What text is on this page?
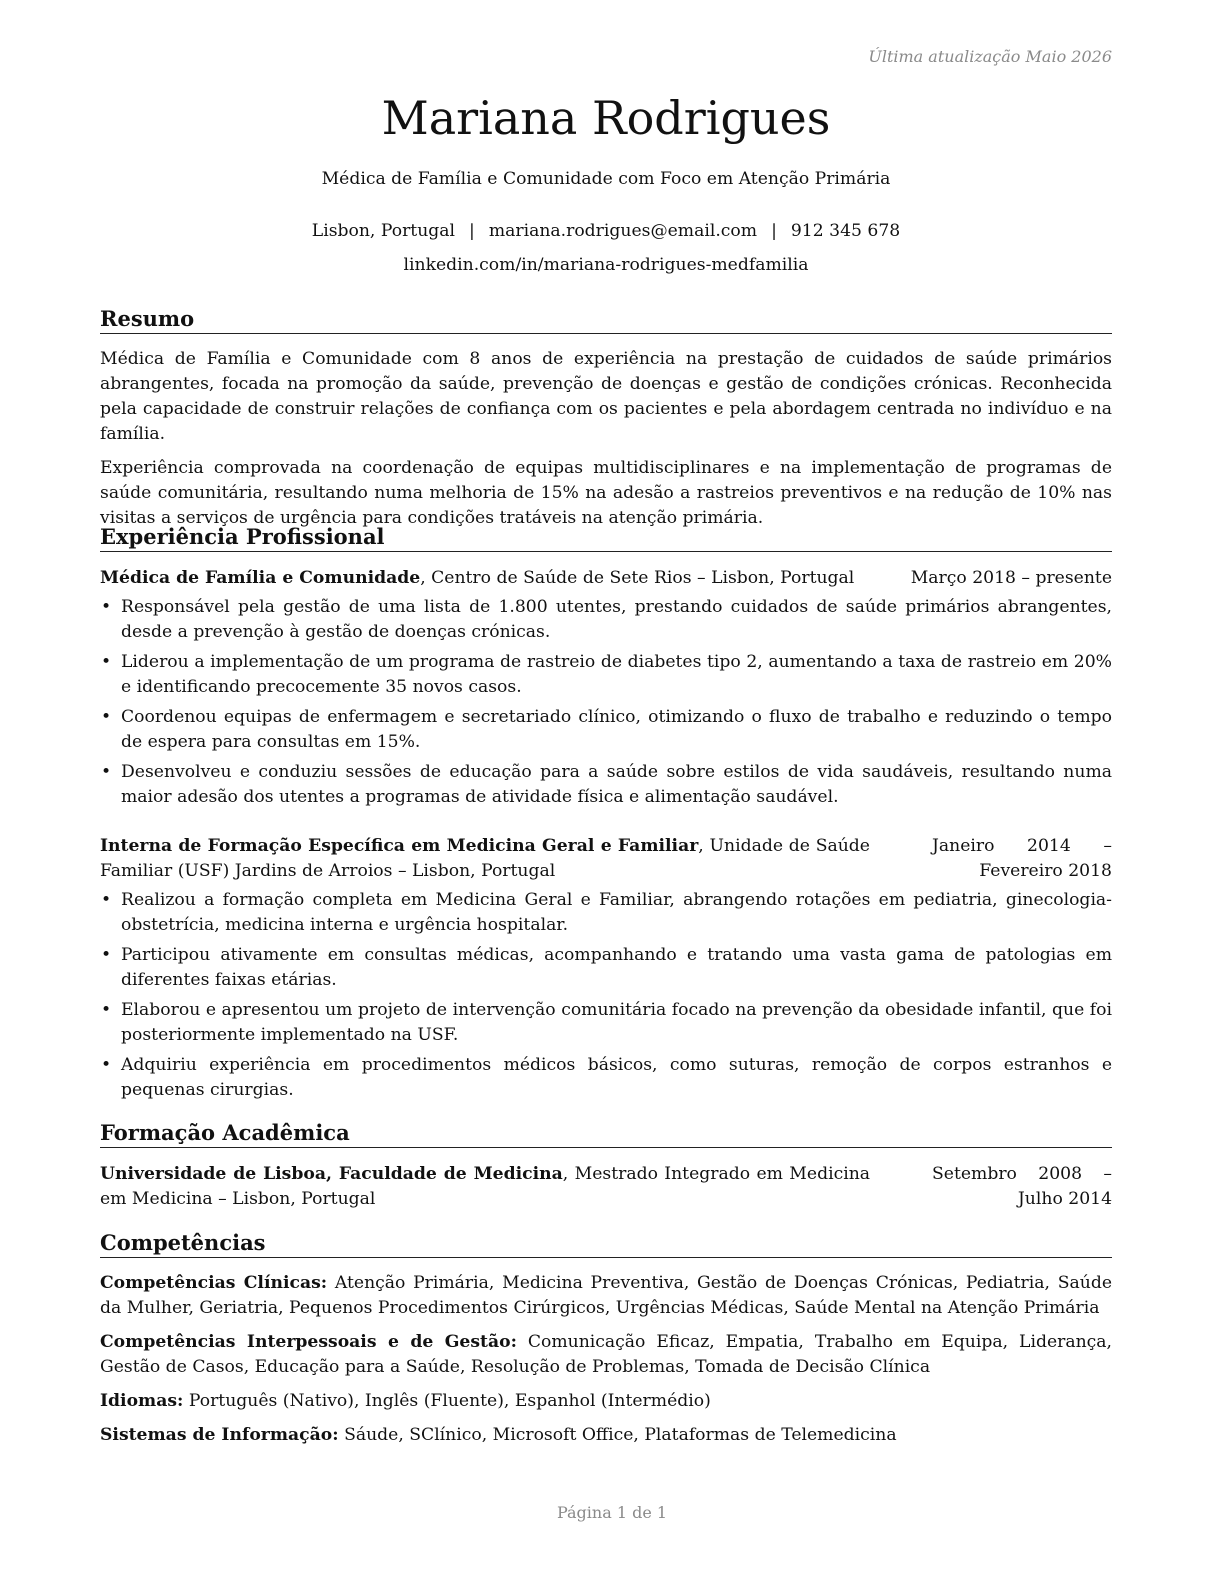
Última atualização Maio 2026
Mariana Rodrigues
Médica de Família e Comunidade com Foco em Atenção Primária
Lisbon, Portugal | mariana.rodrigues@email.com | 912 345 678
linkedin.com/in/mariana-rodrigues-medfamilia
Resumo

Médica de Família e Comunidade com 8 anos de experiência na prestação de cuidados de saúde primários abrangentes, focada na promoção da saúde, prevenção de doenças e gestão de condições crónicas. Reconhecida pela capacidade de construir relações de confiança com os pacientes e pela abordagem centrada no indivíduo e na família.

Experiência comprovada na coordenação de equipas multidisciplinares e na implementação de programas de saúde comunitária, resultando numa melhoria de 15% na adesão a rastreios preventivos e na redução de 10% nas visitas a serviços de urgência para condições tratáveis na atenção primária.

Experiência Profissional
Médica de Família e Comunidade, Centro de Saúde de Sete Rios – Lisbon, Portugal	Março 2018 – presente
• Responsável pela gestão de uma lista de 1.800 utentes, prestando cuidados de saúde primários abrangentes, desde a prevenção à gestão de doenças crónicas.
• Liderou a implementação de um programa de rastreio de diabetes tipo 2, aumentando a taxa de rastreio em 20% e identificando precocemente 35 novos casos.
• Coordenou equipas de enfermagem e secretariado clínico, otimizando o fluxo de trabalho e reduzindo o tempo de espera para consultas em 15%.
• Desenvolveu e conduziu sessões de educação para a saúde sobre estilos de vida saudáveis, resultando numa maior adesão dos utentes a programas de atividade física e alimentação saudável.
Interna de Formação Específica em Medicina Geral e Familiar, Unidade de Saúde Familiar (USF) Jardins de Arroios – Lisbon, Portugal
Janeiro 2014 – Fevereiro 2018
• Realizou a formação completa em Medicina Geral e Familiar, abrangendo rotações em pediatria, ginecologia-obstetrícia, medicina interna e urgência hospitalar.
• Participou ativamente em consultas médicas, acompanhando e tratando uma vasta gama de patologias em diferentes faixas etárias.
• Elaborou e apresentou um projeto de intervenção comunitária focado na prevenção da obesidade infantil, que foi posteriormente implementado na USF.
• Adquiriu experiência em procedimentos médicos básicos, como suturas, remoção de corpos estranhos e pequenas cirurgias.
Formação Acadêmica
Universidade de Lisboa, Faculdade de Medicina, Mestrado Integrado em Medicina em Medicina – Lisbon, Portugal
Setembro 2008 – Julho 2014
Competências

Competências Clínicas: Atenção Primária, Medicina Preventiva, Gestão de Doenças Crónicas, Pediatria, Saúde da Mulher, Geriatria, Pequenos Procedimentos Cirúrgicos, Urgências Médicas, Saúde Mental na Atenção Primária

Competências Interpessoais e de Gestão: Comunicação Eficaz, Empatia, Trabalho em Equipa, Liderança, Gestão de Casos, Educação para a Saúde, Resolução de Problemas, Tomada de Decisão Clínica

Idiomas: Português (Nativo), Inglês (Fluente), Espanhol (Intermédio)

Sistemas de Informação: Sáude, SClínico, Microsoft Office, Plataformas de Telemedicina

Página 1 de 1
